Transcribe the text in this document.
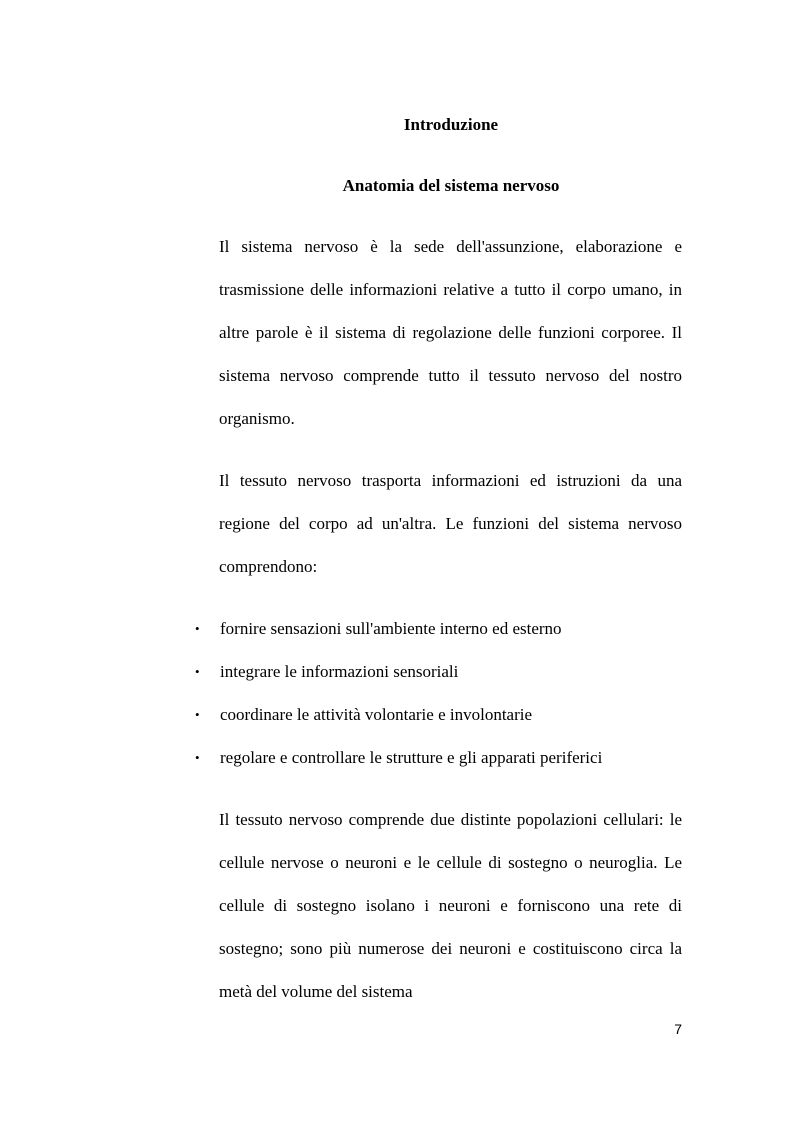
Introduzione
Anatomia del sistema nervoso

Il sistema nervoso è la sede dell'assunzione, elaborazione e trasmissione delle informazioni relative a tutto il corpo umano, in altre parole è il sistema di regolazione delle funzioni corporee. Il sistema nervoso comprende tutto il tessuto nervoso del nostro organismo.

Il tessuto nervoso trasporta informazioni ed istruzioni da una regione del corpo ad un'altra. Le funzioni del sistema nervoso comprendono:

• fornire sensazioni sull'ambiente interno ed esterno
• integrare le informazioni sensoriali
• coordinare le attività volontarie e involontarie
• regolare e controllare le strutture e gli apparati periferici

Il tessuto nervoso comprende due distinte popolazioni cellulari: le cellule nervose o neuroni e le cellule di sostegno o neuroglia. Le cellule di sostegno isolano i neuroni e forniscono una rete di sostegno; sono più numerose dei neuroni e costituiscono circa la metà del volume del sistema

7
